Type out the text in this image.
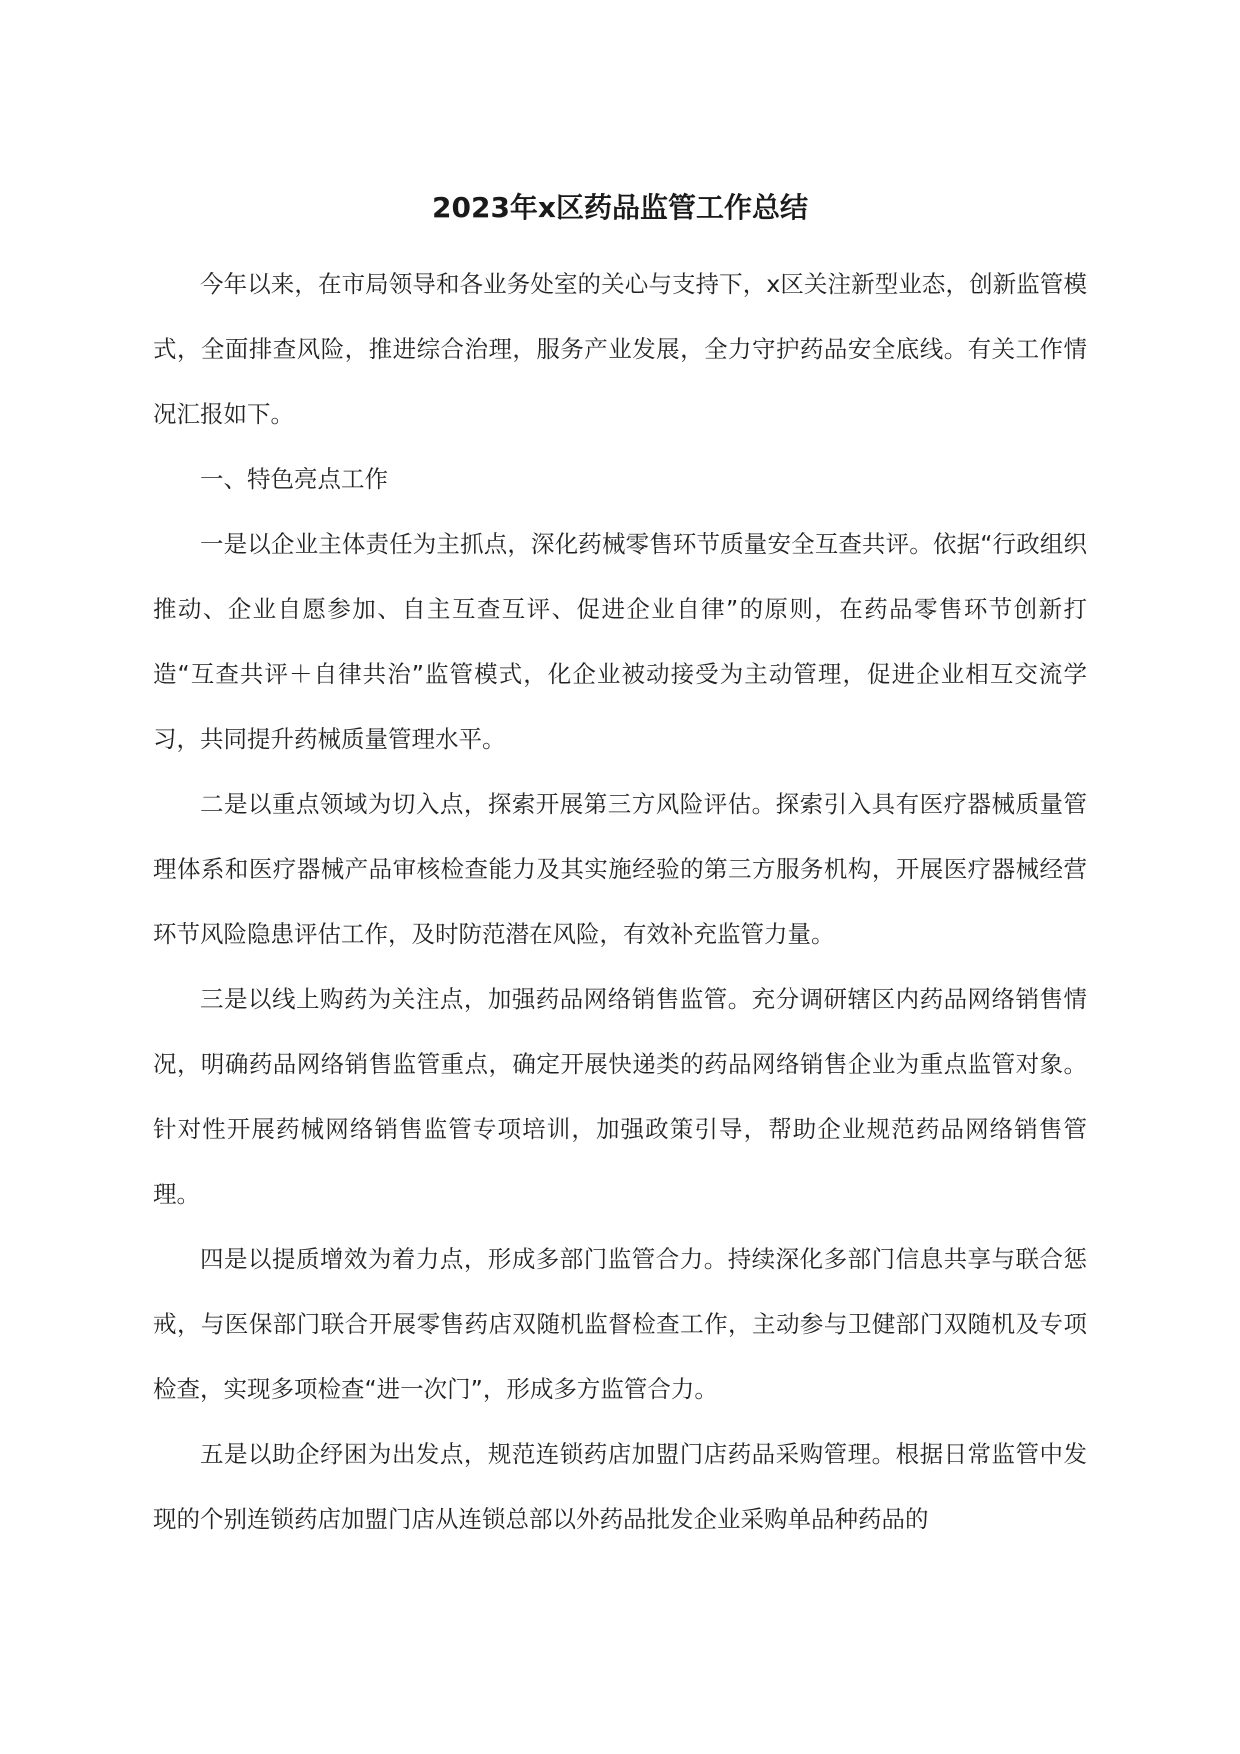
2023年x区药品监管工作总结

今年以来，在市局领导和各业务处室的关心与支持下，x区关注新型业态，创新监管模式，全面排查风险，推进综合治理，服务产业发展，全力守护药品安全底线。有关工作情况汇报如下。

一、特色亮点工作

一是以企业主体责任为主抓点，深化药械零售环节质量安全互查共评。依据“行政组织推动、企业自愿参加、自主互查互评、促进企业自律”的原则，在药品零售环节创新打造“互查共评＋自律共治”监管模式，化企业被动接受为主动管理，促进企业相互交流学习，共同提升药械质量管理水平。

二是以重点领域为切入点，探索开展第三方风险评估。探索引入具有医疗器械质量管理体系和医疗器械产品审核检查能力及其实施经验的第三方服务机构，开展医疗器械经营环节风险隐患评估工作，及时防范潜在风险，有效补充监管力量。

三是以线上购药为关注点，加强药品网络销售监管。充分调研辖区内药品网络销售情况，明确药品网络销售监管重点，确定开展快递类的药品网络销售企业为重点监管对象。针对性开展药械网络销售监管专项培训，加强政策引导，帮助企业规范药品网络销售管理。

四是以提质增效为着力点，形成多部门监管合力。持续深化多部门信息共享与联合惩戒，与医保部门联合开展零售药店双随机监督检查工作，主动参与卫健部门双随机及专项检查，实现多项检查“进一次门”，形成多方监管合力。

五是以助企纾困为出发点，规范连锁药店加盟门店药品采购管理。根据日常监管中发现的个别连锁药店加盟门店从连锁总部以外药品批发企业采购单品种药品的
